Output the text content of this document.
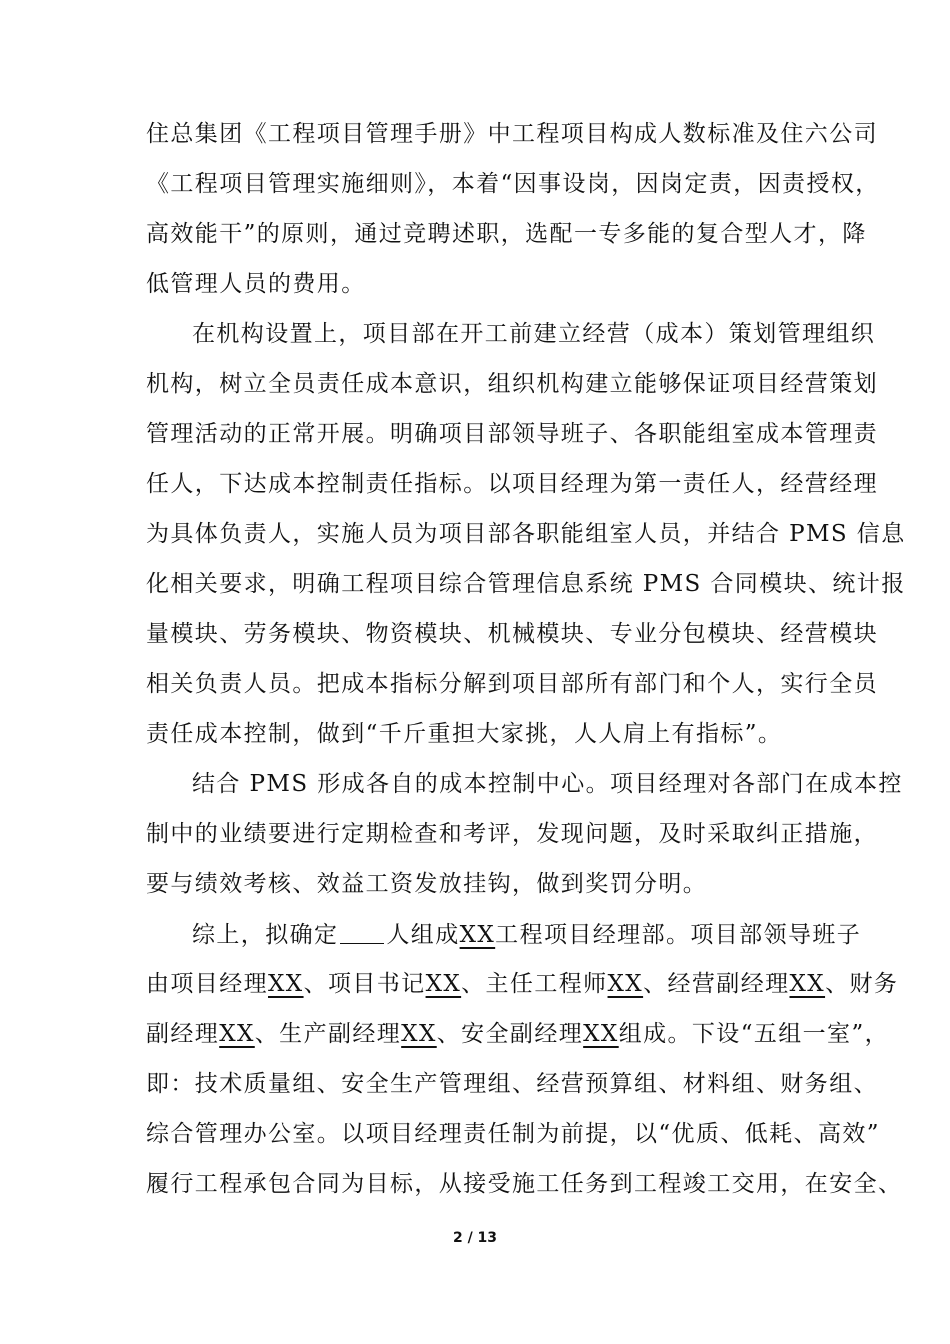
住总集团《工程项目管理手册》中工程项目构成人数标准及住六公司
《工程项目管理实施细则》，本着“因事设岗，因岗定责，因责授权，
高效能干”的原则，通过竞聘述职，选配一专多能的复合型人才，降
低管理人员的费用。
在机构设置上，项目部在开工前建立经营（成本）策划管理组织
机构，树立全员责任成本意识，组织机构建立能够保证项目经营策划
管理活动的正常开展。明确项目部领导班子、各职能组室成本管理责
任人，下达成本控制责任指标。以项目经理为第一责任人，经营经理
为具体负责人，实施人员为项目部各职能组室人员，并结合 PMS 信息
化相关要求，明确工程项目综合管理信息系统 PMS 合同模块、统计报
量模块、劳务模块、物资模块、机械模块、专业分包模块、经营模块
相关负责人员。把成本指标分解到项目部所有部门和个人，实行全员
责任成本控制，做到“千斤重担大家挑，人人肩上有指标”。
结合 PMS 形成各自的成本控制中心。项目经理对各部门在成本控
制中的业绩要进行定期检查和考评，发现问题，及时采取纠正措施，
要与绩效考核、效益工资发放挂钩，做到奖罚分明。
综上，拟确定 人组成XX工程项目经理部。项目部领导班子
由项目经理XX、项目书记XX、主任工程师XX、经营副经理XX、财务
副经理XX、生产副经理XX、安全副经理XX组成。下设“五组一室”，
即：技术质量组、安全生产管理组、经营预算组、材料组、财务组、
综合管理办公室。以项目经理责任制为前提，以“优质、低耗、高效”
履行工程承包合同为目标，从接受施工任务到工程竣工交用，在安全、
2 / 13
